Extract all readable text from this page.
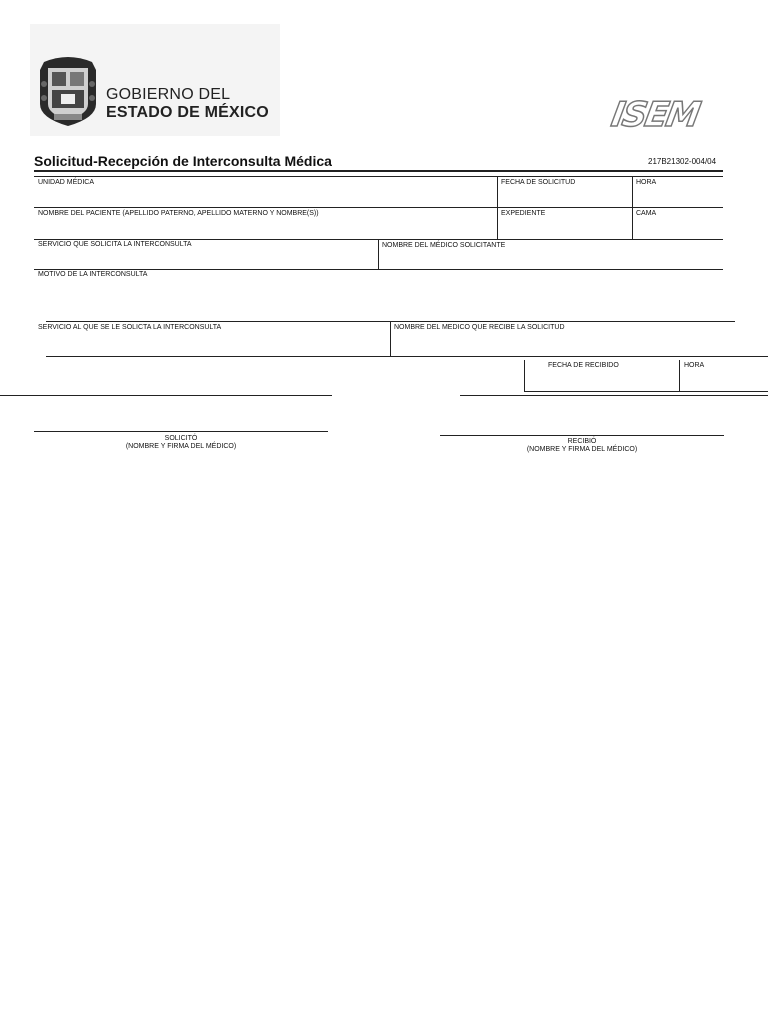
GOBIERNO DEL
ESTADO DE MÉXICO	ISEM
Solicitud-Recepción de Interconsulta Médica	217B21302-004/04
UNIDAD MÉDICA	FECHA DE SOLICITUD	HORA
NOMBRE DEL PACIENTE (APELLIDO PATERNO, APELLIDO MATERNO Y NOMBRE(S))	EXPEDIENTE	CAMA
SERVICIO QUE SOLICITA LA INTERCONSULTA	NOMBRE DEL MÉDICO SOLICITANTE
MOTIVO DE LA INTERCONSULTA
SERVICIO AL QUE SE LE SOLICTA LA INTERCONSULTA	NOMBRE DEL MEDICO QUE RECIBE LA SOLICITUD
FECHA DE RECIBIDO	HORA
SOLICITÓ
(NOMBRE Y FIRMA DEL MÉDICO)
RECIBIÓ
(NOMBRE Y FIRMA DEL MÉDICO)
